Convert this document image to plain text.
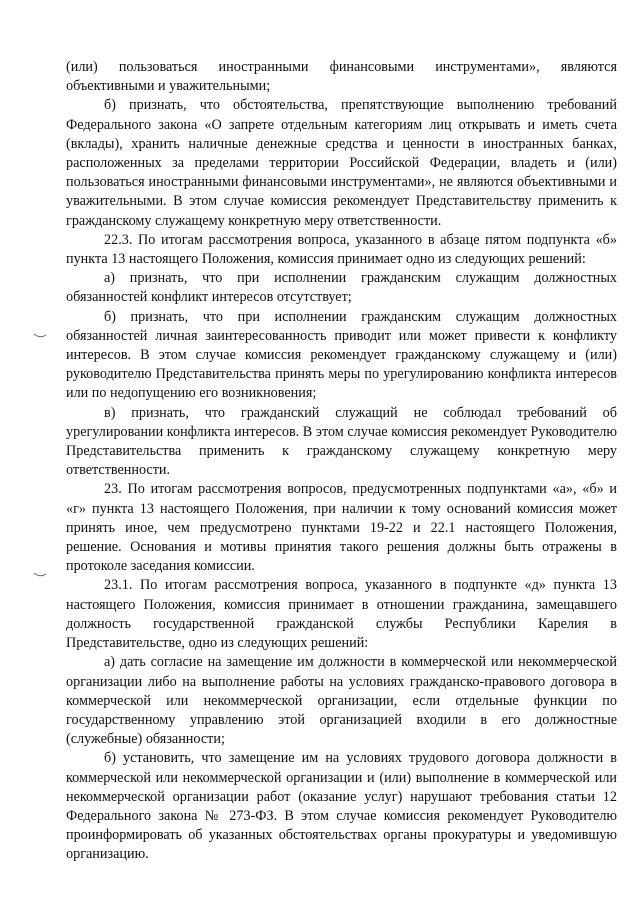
(или) пользоваться иностранными финансовыми инструментами», являются объективными и уважительными;

б) признать, что обстоятельства, препятствующие выполнению требований Федерального закона «О запрете отдельным категориям лиц открывать и иметь счета (вклады), хранить наличные денежные средства и ценности в иностранных банках, расположенных за пределами территории Российской Федерации, владеть и (или) пользоваться иностранными финансовыми инструментами», не являются объективными и уважительными. В этом случае комиссия рекомендует Представительству применить к гражданскому служащему конкретную меру ответственности.

22.3. По итогам рассмотрения вопроса, указанного в абзаце пятом подпункта «б» пункта 13 настоящего Положения, комиссия принимает одно из следующих решений:

а) признать, что при исполнении гражданским служащим должностных обязанностей конфликт интересов отсутствует;

б) признать, что при исполнении гражданским служащим должностных обязанностей личная заинтересованность приводит или может привести к конфликту интересов. В этом случае комиссия рекомендует гражданскому служащему и (или) руководителю Представительства принять меры по урегулированию конфликта интересов или по недопущению его возникновения;

в) признать, что гражданский служащий не соблюдал требований об урегулировании конфликта интересов. В этом случае комиссия рекомендует Руководителю Представительства применить к гражданскому служащему конкретную меру ответственности.

23. По итогам рассмотрения вопросов, предусмотренных подпунктами «а», «б» и «г» пункта 13 настоящего Положения, при наличии к тому оснований комиссия может принять иное, чем предусмотрено пунктами 19-22 и 22.1 настоящего Положения, решение. Основания и мотивы принятия такого решения должны быть отражены в протоколе заседания комиссии.

23.1. По итогам рассмотрения вопроса, указанного в подпункте «д» пункта 13 настоящего Положения, комиссия принимает в отношении гражданина, замещавшего должность государственной гражданской службы Республики Карелия в Представительстве, одно из следующих решений:

а) дать согласие на замещение им должности в коммерческой или некоммерческой организации либо на выполнение работы на условиях гражданско-правового договора в коммерческой или некоммерческой организации, если отдельные функции по государственному управлению этой организацией входили в его должностные (служебные) обязанности;

б) установить, что замещение им на условиях трудового договора должности в коммерческой или некоммерческой организации и (или) выполнение в коммерческой или некоммерческой организации работ (оказание услуг) нарушают требования статьи 12 Федерального закона № 273-ФЗ. В этом случае комиссия рекомендует Руководителю проинформировать об указанных обстоятельствах органы прокуратуры и уведомившую организацию.
